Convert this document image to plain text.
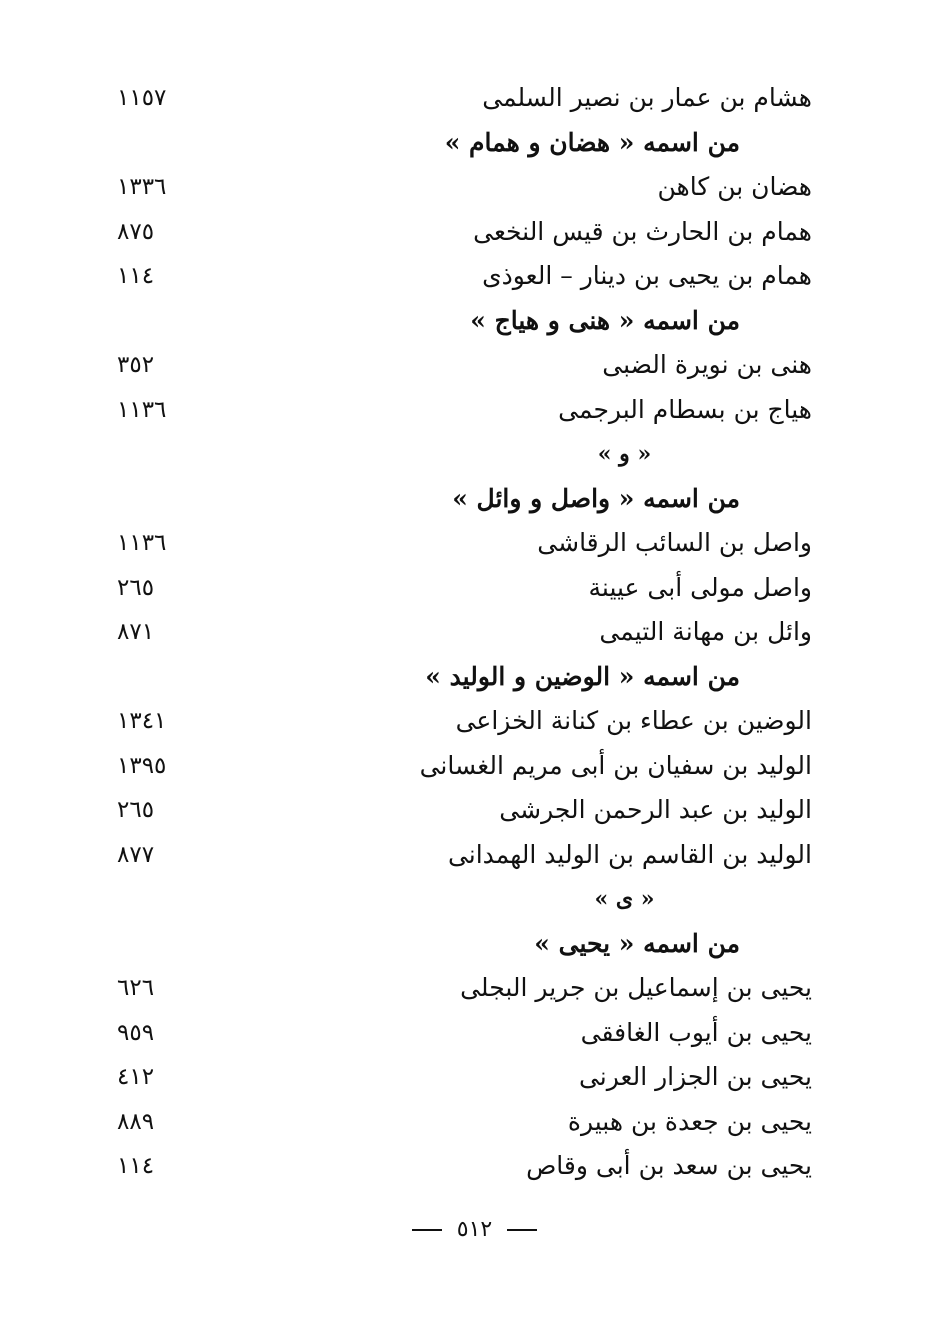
هشام بن عمار بن نصير السلمى
١١٥٧
من اسمه « هضان و همام »
هضان بن كاهن
١٣٣٦
همام بن الحارث بن قيس النخعى
٨٧٥
همام بن يحيى بن دينار – العوذى
١١٤
من اسمه « هنى و هياج »
هنى بن نويرة الضبى
٣٥٢
هياج بن بسطام البرجمى
١١٣٦
« و »
من اسمه « واصل و وائل »
واصل بن السائب الرقاشى
١١٣٦
واصل مولى أبى عيينة
٢٦٥
وائل بن مهانة التيمى
٨٧١
من اسمه « الوضين و الوليد »
الوضين بن عطاء بن كنانة الخزاعى
١٣٤١
الوليد بن سفيان بن أبى مريم الغسانى
١٣٩٥
الوليد بن عبد الرحمن الجرشى
٢٦٥
الوليد بن القاسم بن الوليد الهمدانى
٨٧٧
« ى »
من اسمه « يحيى »
يحيى بن إسماعيل بن جرير البجلى
٦٢٦
يحيى بن أيوب الغافقى
٩٥٩
يحيى بن الجزار العرنى
٤١٢
يحيى بن جعدة بن هبيرة
٨٨٩
يحيى بن سعد بن أبى وقاص
١١٤
٥١٢
